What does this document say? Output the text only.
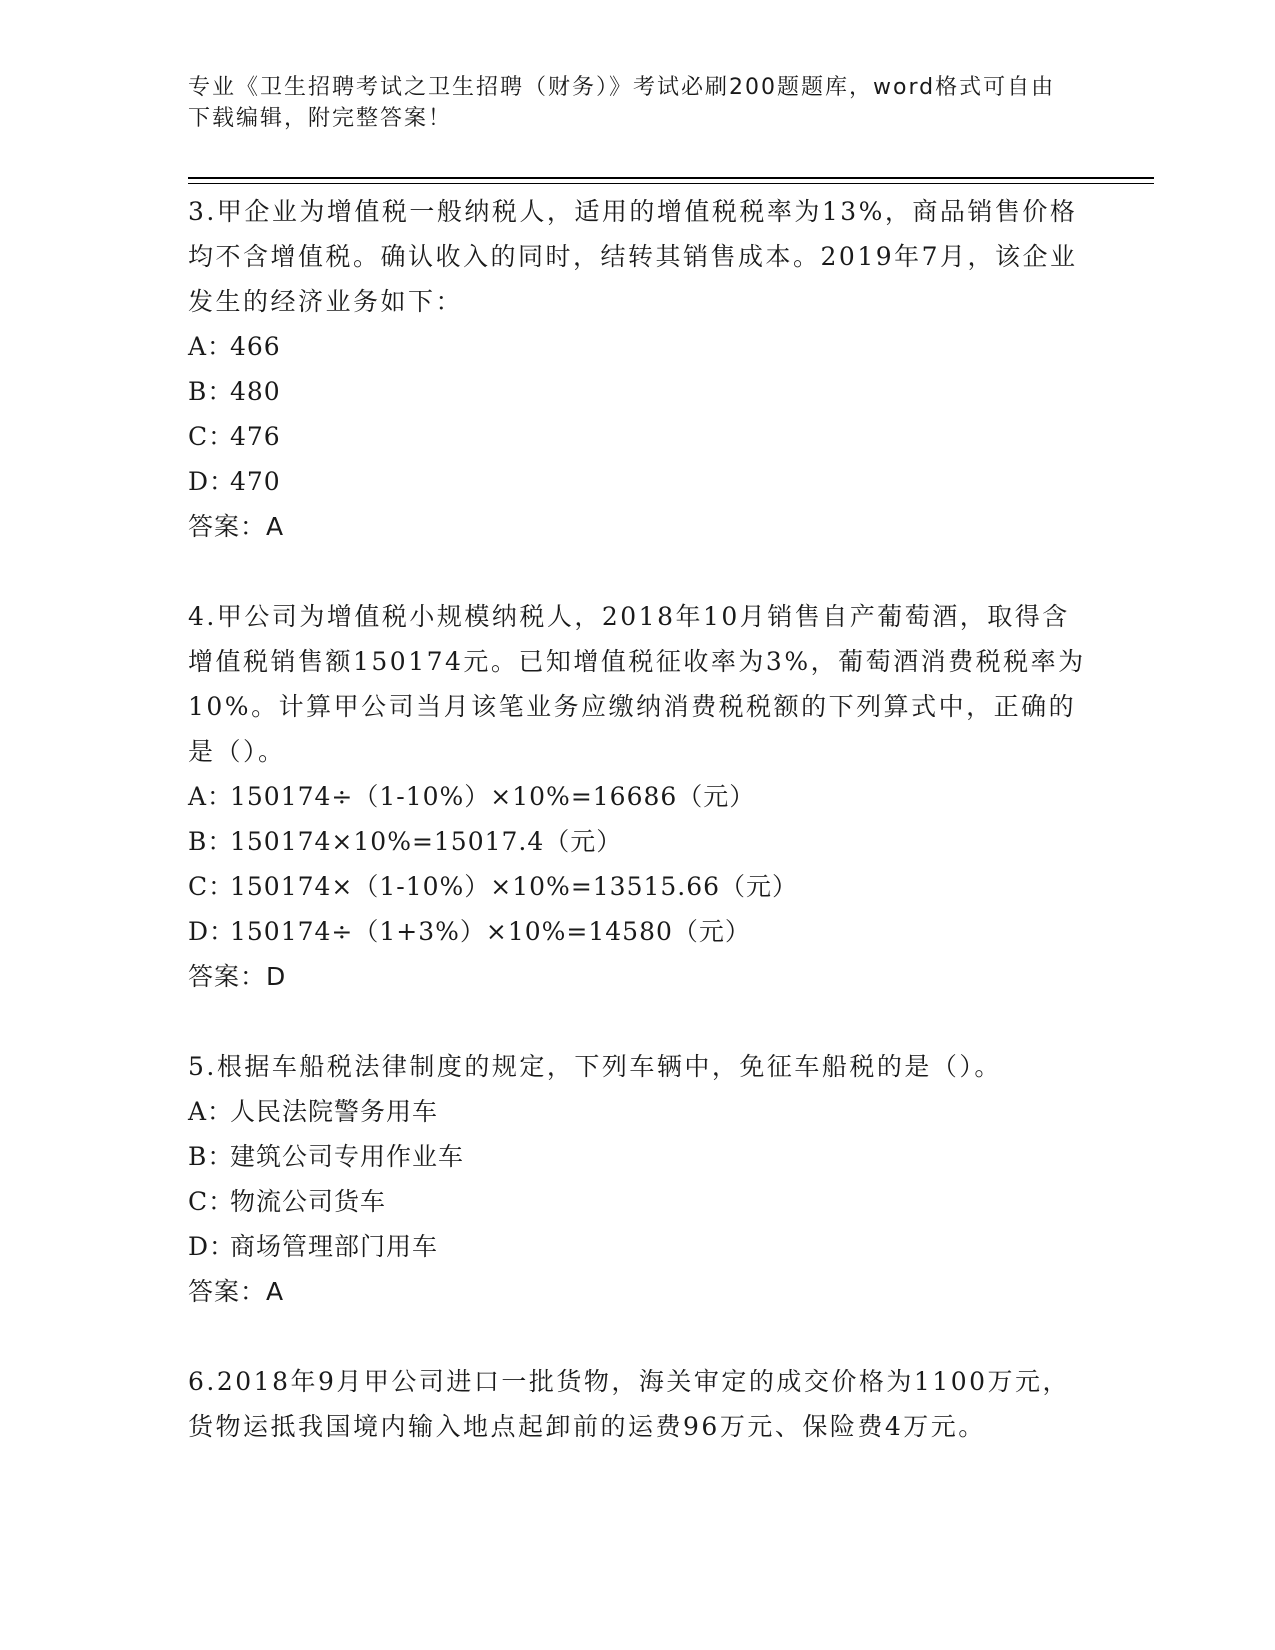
专业《卫生招聘考试之卫生招聘（财务）》考试必刷200题题库，word格式可自由下载编辑，附完整答案！

3.甲企业为增值税一般纳税人，适用的增值税税率为13%，商品销售价格均不含增值税。确认收入的同时，结转其销售成本。2019年7月，该企业发生的经济业务如下：

A：466

B：480

C：476

D：470

答案：A

4.甲公司为增值税小规模纳税人，2018年10月销售自产葡萄酒，取得含增值税销售额150174元。已知增值税征收率为3%，葡萄酒消费税税率为10%。计算甲公司当月该笔业务应缴纳消费税税额的下列算式中，正确的是（）。

A：150174÷（1-10%）×10%=16686（元）

B：150174×10%=15017.4（元）

C：150174×（1-10%）×10%=13515.66（元）

D：150174÷（1+3%）×10%=14580（元）

答案：D

5.根据车船税法律制度的规定，下列车辆中，免征车船税的是（）。

A：人民法院警务用车

B：建筑公司专用作业车

C：物流公司货车

D：商场管理部门用车

答案：A

6.2018年9月甲公司进口一批货物，海关审定的成交价格为1100万元，货物运抵我国境内输入地点起卸前的运费96万元、保险费4万元。
